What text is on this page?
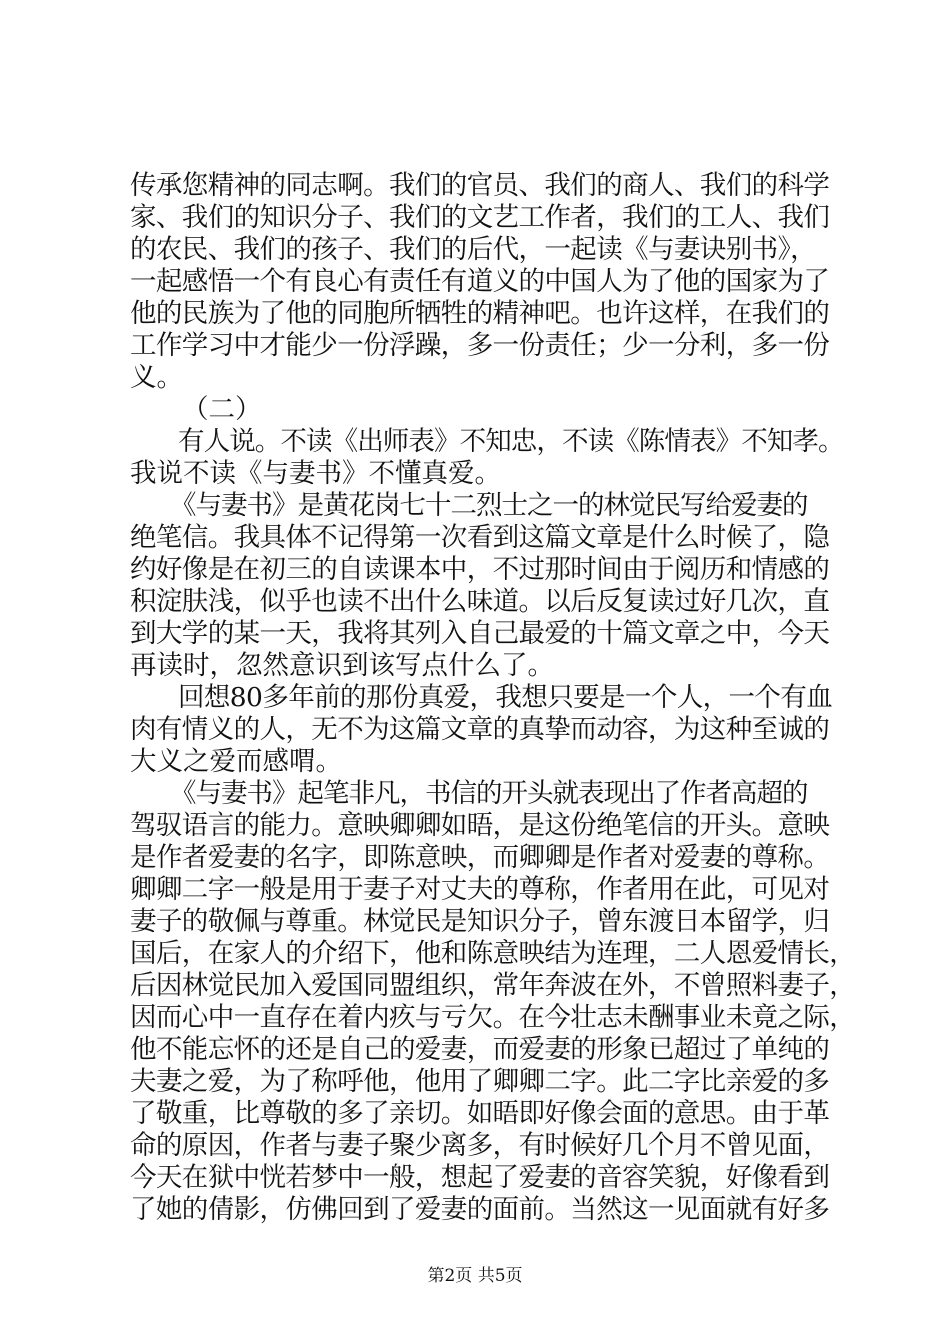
传承您精神的同志啊。我们的官员、我们的商人、我们的科学
家、我们的知识分子、我们的文艺工作者，我们的工人、我们
的农民、我们的孩子、我们的后代，一起读《与妻诀别书》，
一起感悟一个有良心有责任有道义的中国人为了他的国家为了
他的民族为了他的同胞所牺牲的精神吧。也许这样，在我们的
工作学习中才能少一份浮躁，多一份责任；少一分利，多一份
义。
（二）
有人说。不读《出师表》不知忠，不读《陈情表》不知孝。
我说不读《与妻书》不懂真爱。
《与妻书》是黄花岗七十二烈士之一的林觉民写给爱妻的
绝笔信。我具体不记得第一次看到这篇文章是什么时候了，隐
约好像是在初三的自读课本中，不过那时间由于阅历和情感的
积淀肤浅，似乎也读不出什么味道。以后反复读过好几次，直
到大学的某一天，我将其列入自己最爱的十篇文章之中，今天
再读时，忽然意识到该写点什么了。
回想80多年前的那份真爱，我想只要是一个人，一个有血
肉有情义的人，无不为这篇文章的真挚而动容，为这种至诚的
大义之爱而感喟。
《与妻书》起笔非凡，书信的开头就表现出了作者高超的
驾驭语言的能力。意映卿卿如晤，是这份绝笔信的开头。意映
是作者爱妻的名字，即陈意映，而卿卿是作者对爱妻的尊称。
卿卿二字一般是用于妻子对丈夫的尊称，作者用在此，可见对
妻子的敬佩与尊重。林觉民是知识分子，曾东渡日本留学，归
国后，在家人的介绍下，他和陈意映结为连理，二人恩爱情长，
后因林觉民加入爱国同盟组织，常年奔波在外，不曾照料妻子，
因而心中一直存在着内疚与亏欠。在今壮志未酬事业未竟之际，
他不能忘怀的还是自己的爱妻，而爱妻的形象已超过了单纯的
夫妻之爱，为了称呼他，他用了卿卿二字。此二字比亲爱的多
了敬重，比尊敬的多了亲切。如晤即好像会面的意思。由于革
命的原因，作者与妻子聚少离多，有时候好几个月不曾见面，
今天在狱中恍若梦中一般，想起了爱妻的音容笑貌，好像看到
了她的倩影，仿佛回到了爱妻的面前。当然这一见面就有好多
第2页 共5页
